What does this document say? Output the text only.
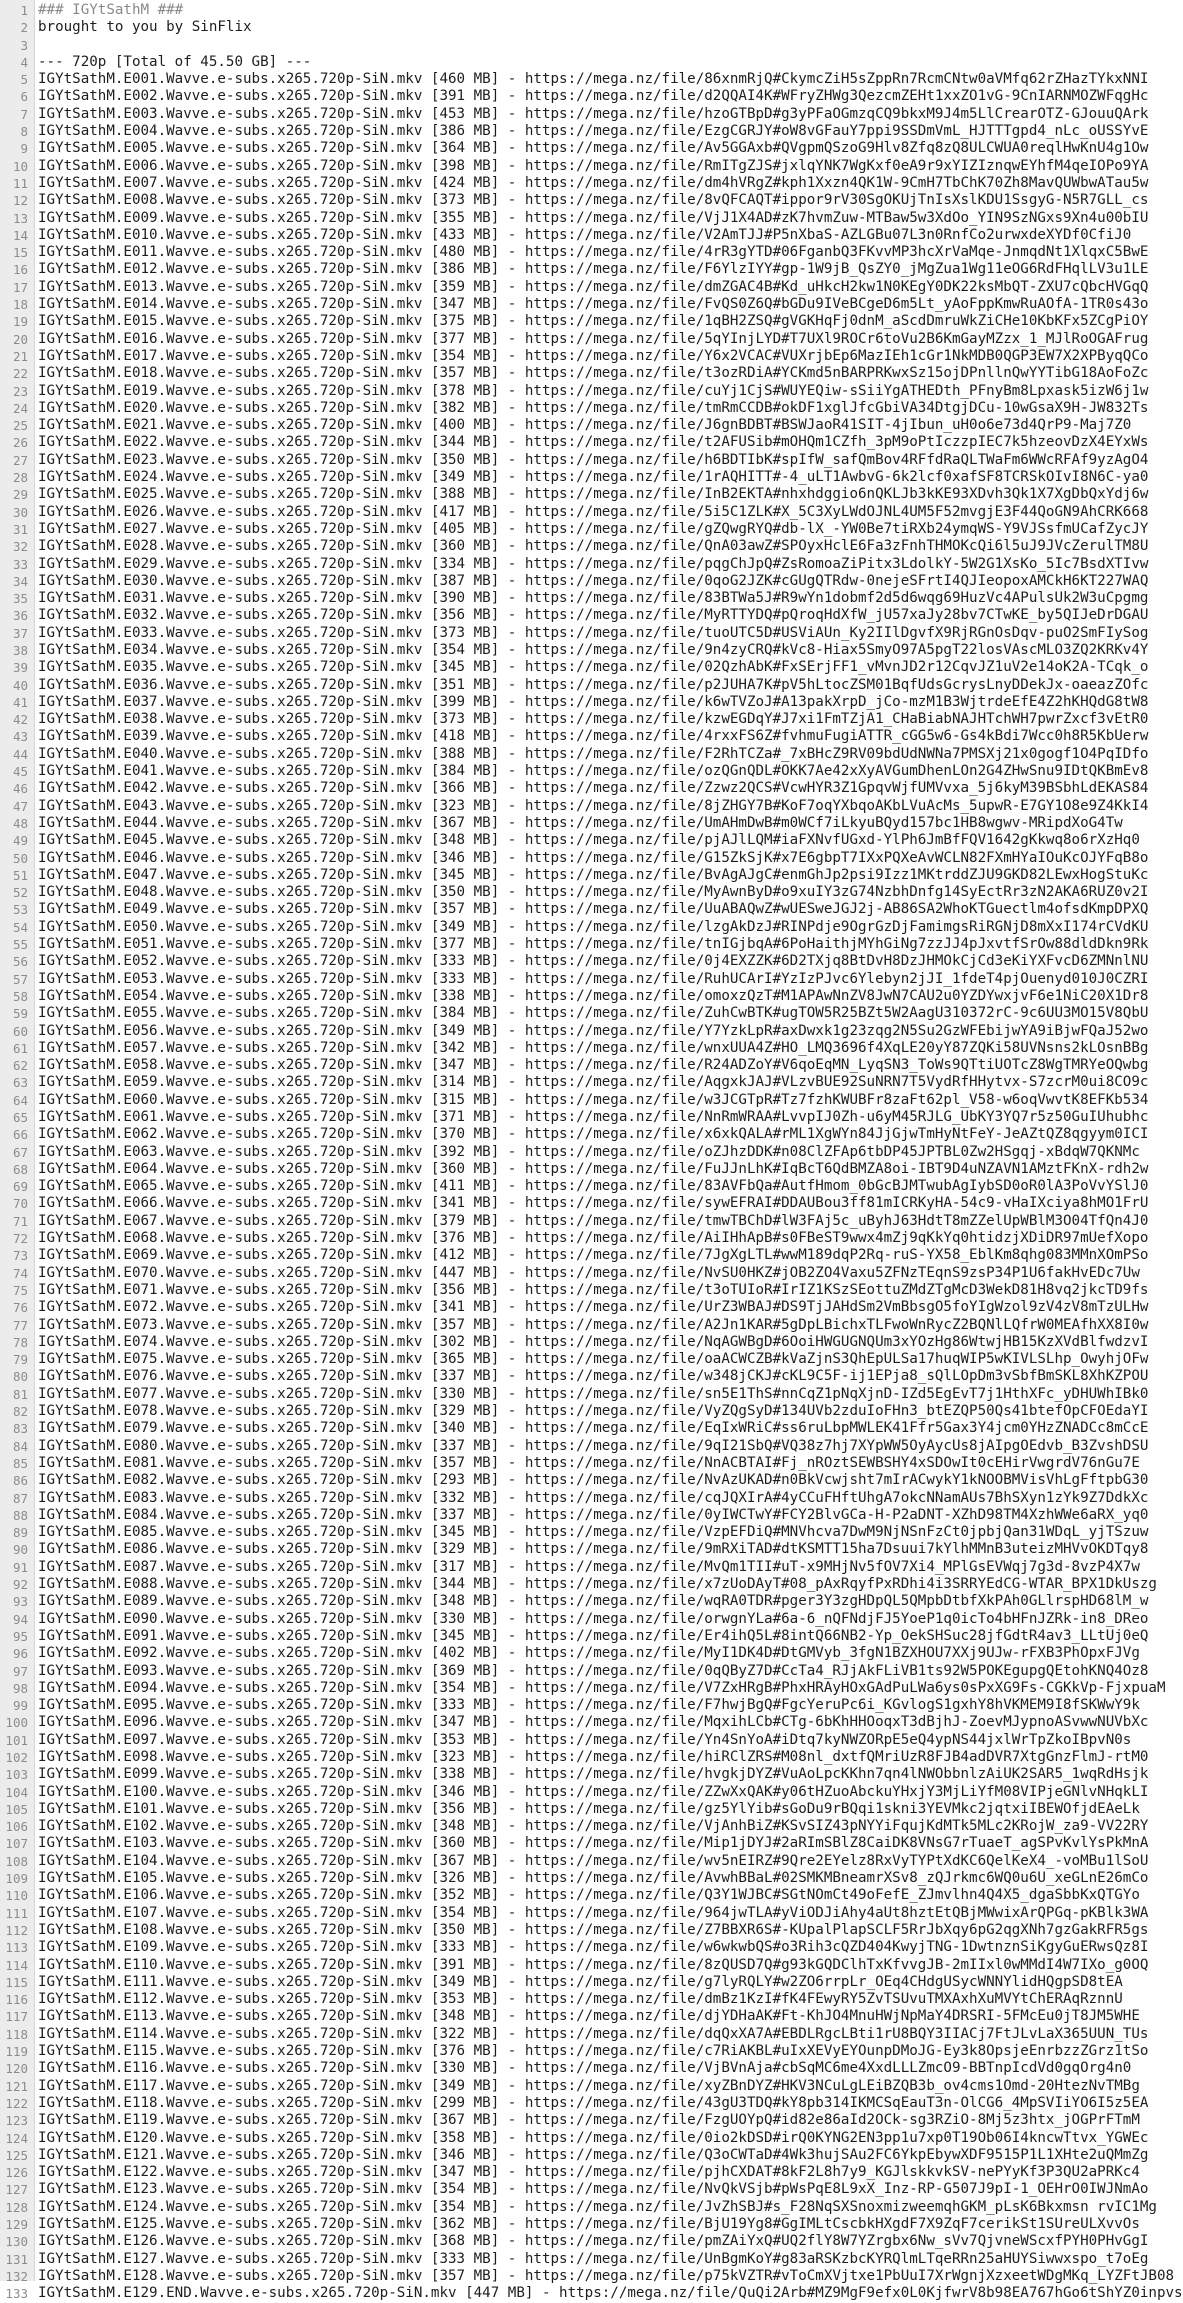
1 ### IGYtSathM ###
2 brought to you by SinFlix
3
4 --- 720p [Total of 45.50 GB] ---
5 IGYtSathM.E001.Wavve.e-subs.x265.720p-SiN.mkv [460 MB] - https://mega.nz/file/86xnmRjQ#CkymcZiH5sZppRn7RcmCNtw0aVMfq62rZHazTYkxNNI
6 IGYtSathM.E002.Wavve.e-subs.x265.720p-SiN.mkv [391 MB] - https://mega.nz/file/d2QQAI4K#WFryZHWg3QezcmZEHt1xxZO1vG-9CnIARNMOZWFqgHc
7 IGYtSathM.E003.Wavve.e-subs.x265.720p-SiN.mkv [453 MB] - https://mega.nz/file/hzoGTBpD#g3yPFaOGmzqCQ9bkxM9J4m5LlCrearOTZ-GJouuQArk
8 IGYtSathM.E004.Wavve.e-subs.x265.720p-SiN.mkv [386 MB] - https://mega.nz/file/EzgCGRJY#oW8vGFauY7ppi9SSDmVmL_HJTTTgpd4_nLc_oUSSYvE
9 IGYtSathM.E005.Wavve.e-subs.x265.720p-SiN.mkv [364 MB] - https://mega.nz/file/Av5GGAxb#QVgpmQSzoG9Hlv8Zfq8zQ8ULCWUA0reqlHwKnU4g1Ow
10 IGYtSathM.E006.Wavve.e-subs.x265.720p-SiN.mkv [398 MB] - https://mega.nz/file/RmITgZJS#jxlqYNK7WgKxf0eA9r9xYIZIznqwEYhfM4qeIOPo9YA
11 IGYtSathM.E007.Wavve.e-subs.x265.720p-SiN.mkv [424 MB] - https://mega.nz/file/dm4hVRgZ#kph1Xxzn4QK1W-9CmH7TbChK70Zh8MavQUWbwATau5w
12 IGYtSathM.E008.Wavve.e-subs.x265.720p-SiN.mkv [373 MB] - https://mega.nz/file/8vQFCAQT#ippor9rV30SgOKUjTnIsXslKDU1SsgyG-N5R7GLL_cs
13 IGYtSathM.E009.Wavve.e-subs.x265.720p-SiN.mkv [355 MB] - https://mega.nz/file/VjJ1X4AD#zK7hvmZuw-MTBaw5w3XdOo_YIN9SzNGxs9Xn4u00bIU
14 IGYtSathM.E010.Wavve.e-subs.x265.720p-SiN.mkv [433 MB] - https://mega.nz/file/V2AmTJJ#P5nXbaS-AZLGBu07L3n0RnfCo2urwxdeXYDf0CfiJ0
15 IGYtSathM.E011.Wavve.e-subs.x265.720p-SiN.mkv [480 MB] - https://mega.nz/file/4rR3gYTD#06FganbQ3FKvvMP3hcXrVaMqe-JnmqdNt1XlqxC5BwE
16 IGYtSathM.E012.Wavve.e-subs.x265.720p-SiN.mkv [386 MB] - https://mega.nz/file/F6YlzIYY#gp-1W9jB_QsZY0_jMgZua1Wg11eOG6RdFHqlLV3u1LE
17 IGYtSathM.E013.Wavve.e-subs.x265.720p-SiN.mkv [359 MB] - https://mega.nz/file/dmZGAC4B#Kd_uHkcH2kw1N0KEgY0DK22ksMbQT-ZXU7cQbcHVGqQ
18 IGYtSathM.E014.Wavve.e-subs.x265.720p-SiN.mkv [347 MB] - https://mega.nz/file/FvQS0Z6Q#bGDu9IVeBCgeD6m5Lt_yAoFppKmwRuAOfA-1TR0s43o
19 IGYtSathM.E015.Wavve.e-subs.x265.720p-SiN.mkv [375 MB] - https://mega.nz/file/1qBH2ZSQ#gVGKHqFj0dnM_aScdDmruWkZiCHe10KbKFx5ZCgPiOY
20 IGYtSathM.E016.Wavve.e-subs.x265.720p-SiN.mkv [377 MB] - https://mega.nz/file/5qYInjLYD#T7UXl9ROCr6toVu2B6KmGayMZzx_1_MJlRoOGAFrug
21 IGYtSathM.E017.Wavve.e-subs.x265.720p-SiN.mkv [354 MB] - https://mega.nz/file/Y6x2VCAC#VUXrjbEp6MazIEh1cGr1NkMDB0QGP3EW7X2XPByqQCo
22 IGYtSathM.E018.Wavve.e-subs.x265.720p-SiN.mkv [357 MB] - https://mega.nz/file/t3ozRDiA#YCKmd5nBARPRKwxSz15ojDPnllnQwYYTibG18AoFoZc
23 IGYtSathM.E019.Wavve.e-subs.x265.720p-SiN.mkv [378 MB] - https://mega.nz/file/cuYj1CjS#WUYEQiw-sSiiYgATHEDth_PFnyBm8Lpxask5izW6j1w
24 IGYtSathM.E020.Wavve.e-subs.x265.720p-SiN.mkv [382 MB] - https://mega.nz/file/tmRmCCDB#okDF1xglJfcGbiVA34DtgjDCu-10wGsaX9H-JW832Ts
25 IGYtSathM.E021.Wavve.e-subs.x265.720p-SiN.mkv [400 MB] - https://mega.nz/file/J6gnBDBT#BSWJaoR41SIT-4jIbun_uH0o6e73d4QrP9-Maj7Z0
26 IGYtSathM.E022.Wavve.e-subs.x265.720p-SiN.mkv [344 MB] - https://mega.nz/file/t2AFUSib#mOHQm1CZfh_3pM9oPtIczzpIEC7k5hzeovDzX4EYxWs
27 IGYtSathM.E023.Wavve.e-subs.x265.720p-SiN.mkv [350 MB] - https://mega.nz/file/h6BDTIbK#spIfW_safQmBov4RFfdRaQLTWaFm6WWcRFAf9yzAgO4
28 IGYtSathM.E024.Wavve.e-subs.x265.720p-SiN.mkv [349 MB] - https://mega.nz/file/1rAQHITT#-4_uLT1AwbvG-6k2lcf0xafSF8TCRSkOIvI8N6C-ya0
29 IGYtSathM.E025.Wavve.e-subs.x265.720p-SiN.mkv [388 MB] - https://mega.nz/file/InB2EKTA#nhxhdggio6nQKLJb3kKE93XDvh3Qk1X7XgDbQxYdj6w
30 IGYtSathM.E026.Wavve.e-subs.x265.720p-SiN.mkv [417 MB] - https://mega.nz/file/5i5C1ZLK#X_5C3XyLWdOJNL4UM5F52mvgjE3F44QoGN9AhCRK668
31 IGYtSathM.E027.Wavve.e-subs.x265.720p-SiN.mkv [405 MB] - https://mega.nz/file/gZQwgRYQ#db-lX_-YW0Be7tiRXb24ymqWS-Y9VJSsfmUCafZycJY
32 IGYtSathM.E028.Wavve.e-subs.x265.720p-SiN.mkv [360 MB] - https://mega.nz/file/QnA03awZ#SPOyxHclE6Fa3zFnhTHMOKcQi6l5uJ9JVcZerulTM8U
33 IGYtSathM.E029.Wavve.e-subs.x265.720p-SiN.mkv [334 MB] - https://mega.nz/file/pqgChJpQ#ZsRomoaZiPitx3LdolkY-5W2G1XsKo_5Ic7BsdXTIvw
34 IGYtSathM.E030.Wavve.e-subs.x265.720p-SiN.mkv [387 MB] - https://mega.nz/file/0qoG2JZK#cGUgQTRdw-0nejeSFrtI4QJIeopoxAMCkH6KT227WAQ
35 IGYtSathM.E031.Wavve.e-subs.x265.720p-SiN.mkv [390 MB] - https://mega.nz/file/83BTWa5J#R9wYn1dobmf2d5d6wqg69HuzVc4APulsUk2W3uCpgmg
36 IGYtSathM.E032.Wavve.e-subs.x265.720p-SiN.mkv [356 MB] - https://mega.nz/file/MyRTTYDQ#pQroqHdXfW_jU57xaJy28bv7CTwKE_by5QIJeDrDGAU
37 IGYtSathM.E033.Wavve.e-subs.x265.720p-SiN.mkv [373 MB] - https://mega.nz/file/tuoUTC5D#USViAUn_Ky2IIlDgvfX9RjRGnOsDqv-puO2SmFIySog
38 IGYtSathM.E034.Wavve.e-subs.x265.720p-SiN.mkv [354 MB] - https://mega.nz/file/9n4zyCRQ#kVc8-Hiax5SmyO97A5pgT22losVAscMLO3ZQ2KRKv4Y
39 IGYtSathM.E035.Wavve.e-subs.x265.720p-SiN.mkv [345 MB] - https://mega.nz/file/02QzhAbK#FxSErjFF1_vMvnJD2r12CqvJZ1uV2e14oK2A-TCqk_o
40 IGYtSathM.E036.Wavve.e-subs.x265.720p-SiN.mkv [351 MB] - https://mega.nz/file/p2JUHA7K#pV5hLtocZSM01BqfUdsGcrysLnyDDekJx-oaeazZOfc
41 IGYtSathM.E037.Wavve.e-subs.x265.720p-SiN.mkv [399 MB] - https://mega.nz/file/k6wTVZoJ#A13pakXrpD_jCo-mzM1B3WjtrdeEfE4Z2hKHQdG8tW8
42 IGYtSathM.E038.Wavve.e-subs.x265.720p-SiN.mkv [373 MB] - https://mega.nz/file/kzwEGDqY#J7xi1FmTZjA1_CHaBiabNAJHTchWH7pwrZxcf3vEtR0
43 IGYtSathM.E039.Wavve.e-subs.x265.720p-SiN.mkv [418 MB] - https://mega.nz/file/4rxxFS6Z#fvhmuFugiATTR_cGG5w6-Gs4kBdi7Wcc0h8R5KbUerw
44 IGYtSathM.E040.Wavve.e-subs.x265.720p-SiN.mkv [388 MB] - https://mega.nz/file/F2RhTCZa#_7xBHcZ9RV09bdUdNWNa7PMSXj21x0gogf1O4PqIDfo
45 IGYtSathM.E041.Wavve.e-subs.x265.720p-SiN.mkv [384 MB] - https://mega.nz/file/ozQGnQDL#OKK7Ae42xXyAVGumDhenLOn2G4ZHwSnu9IDtQKBmEv8
46 IGYtSathM.E042.Wavve.e-subs.x265.720p-SiN.mkv [366 MB] - https://mega.nz/file/Zzwz2QCS#VcwHYR3Z1GpqvWjfUMVvxa_5j6kyM39BSbhLdEKAS84
47 IGYtSathM.E043.Wavve.e-subs.x265.720p-SiN.mkv [323 MB] - https://mega.nz/file/8jZHGY7B#KoF7oqYXbqoAKbLVuAcMs_5upwR-E7GY1O8e9Z4KkI4
48 IGYtSathM.E044.Wavve.e-subs.x265.720p-SiN.mkv [367 MB] - https://mega.nz/file/UmAHmDwB#m0WCf7iLkyuBQyd157bc1HB8wgwv-MRipdXoG4Tw
49 IGYtSathM.E045.Wavve.e-subs.x265.720p-SiN.mkv [348 MB] - https://mega.nz/file/pjAJlLQM#iaFXNvfUGxd-YlPh6JmBfFQV1642gKkwq8o6rXzHq0
50 IGYtSathM.E046.Wavve.e-subs.x265.720p-SiN.mkv [346 MB] - https://mega.nz/file/G15ZkSjK#x7E6gbpT7IXxPQXeAvWCLN82FXmHYaIOuKcOJYFqB8o
51 IGYtSathM.E047.Wavve.e-subs.x265.720p-SiN.mkv [345 MB] - https://mega.nz/file/BvAgAJgC#enmGhJp2psi9Izz1MKtrddZJU9GKD82LEwxHogStuKc
52 IGYtSathM.E048.Wavve.e-subs.x265.720p-SiN.mkv [350 MB] - https://mega.nz/file/MyAwnByD#o9xuIY3zG74NzbhDnfg14SyEctRr3zN2AKA6RUZ0v2I
53 IGYtSathM.E049.Wavve.e-subs.x265.720p-SiN.mkv [357 MB] - https://mega.nz/file/UuABAQwZ#wUESweJGJ2j-AB86SA2WhoKTGuectlm4ofsdKmpDPXQ
54 IGYtSathM.E050.Wavve.e-subs.x265.720p-SiN.mkv [349 MB] - https://mega.nz/file/lzgAkDzJ#RINPdje9OgrGzDjFamimgsRiRGNjD8mXxI174rCVdKU
55 IGYtSathM.E051.Wavve.e-subs.x265.720p-SiN.mkv [377 MB] - https://mega.nz/file/tnIGjbqA#6PoHaithjMYhGiNg7zzJJ4pJxvtfSrOw88dldDkn9Rk
56 IGYtSathM.E052.Wavve.e-subs.x265.720p-SiN.mkv [333 MB] - https://mega.nz/file/0j4EXZZK#6D2TXjq8BtDvH8DzJHMOkCjCd3eKiYXFvcD6ZMNnlNU
57 IGYtSathM.E053.Wavve.e-subs.x265.720p-SiN.mkv [333 MB] - https://mega.nz/file/RuhUCArI#YzIzPJvc6Ylebyn2jJI_1fdeT4pjOuenyd010J0CZRI
58 IGYtSathM.E054.Wavve.e-subs.x265.720p-SiN.mkv [338 MB] - https://mega.nz/file/omoxzQzT#M1APAwNnZV8JwN7CAU2u0YZDYwxjvF6e1NiC20X1Dr8
59 IGYtSathM.E055.Wavve.e-subs.x265.720p-SiN.mkv [384 MB] - https://mega.nz/file/ZuhCwBTK#ugTOW5R25BZt5W2AagU310372rC-9c6UU3MO15V8QbU
60 IGYtSathM.E056.Wavve.e-subs.x265.720p-SiN.mkv [349 MB] - https://mega.nz/file/Y7YzkLpR#axDwxk1g23zqg2N5Su2GzWFEbijwYA9iBjwFQaJ52wo
61 IGYtSathM.E057.Wavve.e-subs.x265.720p-SiN.mkv [342 MB] - https://mega.nz/file/wnxUUA4Z#HO_LMQ3696f4XqLE20yY87ZQKi58UVNsns2kLOsnBBg
62 IGYtSathM.E058.Wavve.e-subs.x265.720p-SiN.mkv [347 MB] - https://mega.nz/file/R24ADZoY#V6qoEqMN_LyqSN3_ToWs9QTtiUOTcZ8WgTMRYeOQwbg
63 IGYtSathM.E059.Wavve.e-subs.x265.720p-SiN.mkv [314 MB] - https://mega.nz/file/AqgxkJAJ#VLzvBUE92SuNRN7T5VydRfHHytvx-S7zcrM0ui8CO9c
64 IGYtSathM.E060.Wavve.e-subs.x265.720p-SiN.mkv [315 MB] - https://mega.nz/file/w3JCGTpR#Tz7fzhKWUBFr8zaFt62pl_V58-w6oqVwvtK8EFKb534
65 IGYtSathM.E061.Wavve.e-subs.x265.720p-SiN.mkv [371 MB] - https://mega.nz/file/NnRmWRAA#LvvpIJ0Zh-u6yM45RJLG_UbKY3YQ7r5z50GuIUhubhc
66 IGYtSathM.E062.Wavve.e-subs.x265.720p-SiN.mkv [370 MB] - https://mega.nz/file/x6xkQALA#rML1XgWYn84JjGjwTmHyNtFeY-JeAZtQZ8qgyym0ICI
67 IGYtSathM.E063.Wavve.e-subs.x265.720p-SiN.mkv [392 MB] - https://mega.nz/file/oZJhzDDK#n08ClZFAp6tbDP45JPTBL0Zw2HSgqj-xBdqW7QKNMc
68 IGYtSathM.E064.Wavve.e-subs.x265.720p-SiN.mkv [360 MB] - https://mega.nz/file/FuJJnLhK#IqBcT6QdBMZA8oi-IBT9D4uNZAVN1AMztFKnX-rdh2w
69 IGYtSathM.E065.Wavve.e-subs.x265.720p-SiN.mkv [411 MB] - https://mega.nz/file/83AVFbQa#AutfHmom_0bGcBJMTwubAgIybSD0oR0lA3PoVvYSlJ0
70 IGYtSathM.E066.Wavve.e-subs.x265.720p-SiN.mkv [341 MB] - https://mega.nz/file/sywEFRAI#DDAUBou3ff81mICRKyHA-54c9-vHaIXciya8hMO1FrU
71 IGYtSathM.E067.Wavve.e-subs.x265.720p-SiN.mkv [379 MB] - https://mega.nz/file/tmwTBChD#lW3FAj5c_uByhJ63HdtT8mZZelUpWBlM3O04TfQn4J0
72 IGYtSathM.E068.Wavve.e-subs.x265.720p-SiN.mkv [376 MB] - https://mega.nz/file/AiIHhApB#s0FBeST9wwx4mZj9qKkYq0htidzjXDiDR97mUefXopo
73 IGYtSathM.E069.Wavve.e-subs.x265.720p-SiN.mkv [412 MB] - https://mega.nz/file/7JgXgLTL#wwM189dqP2Rq-ruS-YX58_EblKm8qhg083MMnXOmPSo
74 IGYtSathM.E070.Wavve.e-subs.x265.720p-SiN.mkv [447 MB] - https://mega.nz/file/NvSU0HKZ#jOB2ZO4Vaxu5ZFNzTEqnS9zsP34P1U6fakHvEDc7Uw
75 IGYtSathM.E071.Wavve.e-subs.x265.720p-SiN.mkv [356 MB] - https://mega.nz/file/t3oTUIoR#IrIZ1KSzSEottuZMdZTgMcD3WekD81H8vq2jkcTD9fs
76 IGYtSathM.E072.Wavve.e-subs.x265.720p-SiN.mkv [341 MB] - https://mega.nz/file/UrZ3WBAJ#DS9TjJAHdSm2VmBbsgO5foYIgWzol9zV4zV8mTzULHw
77 IGYtSathM.E073.Wavve.e-subs.x265.720p-SiN.mkv [357 MB] - https://mega.nz/file/A2Jn1KAR#5gDpLBichxTLFwoWnRycZ2BQNlLQfrW0MEAfhXX8I0w
78 IGYtSathM.E074.Wavve.e-subs.x265.720p-SiN.mkv [302 MB] - https://mega.nz/file/NqAGWBgD#6OoiHWGUGNQUm3xYOzHg86WtwjHB15KzXVdBlfwdzvI
79 IGYtSathM.E075.Wavve.e-subs.x265.720p-SiN.mkv [365 MB] - https://mega.nz/file/oaACWCZB#kVaZjnS3QhEpULSa17huqWIP5wKIVLSLhp_OwyhjOFw
80 IGYtSathM.E076.Wavve.e-subs.x265.720p-SiN.mkv [337 MB] - https://mega.nz/file/w348jCKJ#cKL9C5F-ij1EPja8_sQlLOpDm3vSbfBmSKL8XhKZPOU
81 IGYtSathM.E077.Wavve.e-subs.x265.720p-SiN.mkv [330 MB] - https://mega.nz/file/sn5E1ThS#nnCqZ1pNqXjnD-IZd5EgEvT7j1HthXFc_yDHUWhIBk0
82 IGYtSathM.E078.Wavve.e-subs.x265.720p-SiN.mkv [329 MB] - https://mega.nz/file/VyZQgSyD#134UVb2zduIoFHn3_btEZQP50Qs41btefOpCFOEdaYI
83 IGYtSathM.E079.Wavve.e-subs.x265.720p-SiN.mkv [340 MB] - https://mega.nz/file/EqIxWRiC#ss6ruLbpMWLEK41Ffr5Gax3Y4jcm0YHzZNADCc8mCcE
84 IGYtSathM.E080.Wavve.e-subs.x265.720p-SiN.mkv [337 MB] - https://mega.nz/file/9qI21SbQ#VQ38z7hj7XYpWW5OyAycUs8jAIpgOEdvb_B3ZvshDSU
85 IGYtSathM.E081.Wavve.e-subs.x265.720p-SiN.mkv [357 MB] - https://mega.nz/file/NnACBTAI#Fj_nROztSEWBSHY4xSDOwIt0cEHirVwgrdV76nGu7E
86 IGYtSathM.E082.Wavve.e-subs.x265.720p-SiN.mkv [293 MB] - https://mega.nz/file/NvAzUKAD#n0BkVcwjsht7mIrACwykY1kNOOBMVisVhLgFftpbG30
87 IGYtSathM.E083.Wavve.e-subs.x265.720p-SiN.mkv [332 MB] - https://mega.nz/file/cqJQXIrA#4yCCuFHftUhgA7okcNNamAUs7BhSXyn1zYk9Z7DdkXc
88 IGYtSathM.E084.Wavve.e-subs.x265.720p-SiN.mkv [337 MB] - https://mega.nz/file/0yIWCTwY#FCY2BlvGCa-H-P2aDNT-XZhD98TM4XzhWWe6aRX_yq0
89 IGYtSathM.E085.Wavve.e-subs.x265.720p-SiN.mkv [345 MB] - https://mega.nz/file/VzpEFDiQ#MNVhcva7DwM9NjNSnFzCt0jpbjQan31WDqL_yjTSzuw
90 IGYtSathM.E086.Wavve.e-subs.x265.720p-SiN.mkv [329 MB] - https://mega.nz/file/9mRXiTAD#dtKSMTT15ha7Dsuui7kYlhMMnB3uteizMHVvOKDTqy8
91 IGYtSathM.E087.Wavve.e-subs.x265.720p-SiN.mkv [317 MB] - https://mega.nz/file/MvQm1TII#uT-x9MHjNv5fOV7Xi4_MPlGsEVWqj7g3d-8vzP4X7w
92 IGYtSathM.E088.Wavve.e-subs.x265.720p-SiN.mkv [344 MB] - https://mega.nz/file/x7zUoDAyT#08_pAxRqyfPxRDhi4i3SRRYEdCG-WTAR_BPX1DkUszg
93 IGYtSathM.E089.Wavve.e-subs.x265.720p-SiN.mkv [348 MB] - https://mega.nz/file/wqRA0TDR#pger3Y3zgHDpQL5QMpbDtbfXkPAh0GLlrspHD68lM_w
94 IGYtSathM.E090.Wavve.e-subs.x265.720p-SiN.mkv [330 MB] - https://mega.nz/file/orwgnYLa#6a-6_nQFNdjFJ5YoeP1q0icTo4bHFnJZRk-in8_DReo
95 IGYtSathM.E091.Wavve.e-subs.x265.720p-SiN.mkv [345 MB] - https://mega.nz/file/Er4ihQ5L#8intQ66NB2-Yp_OekSHSuc28jfGdtR4av3_LLtUj0eQ
96 IGYtSathM.E092.Wavve.e-subs.x265.720p-SiN.mkv [402 MB] - https://mega.nz/file/MyI1DK4D#DtGMVyb_3fgN1BZXHOU7XXj9UJw-rFXB3PhOpxFJVg
97 IGYtSathM.E093.Wavve.e-subs.x265.720p-SiN.mkv [369 MB] - https://mega.nz/file/0qQByZ7D#CcTa4_RJjAkFLiVB1ts92W5POKEgupgQEtohKNQ4Oz8
98 IGYtSathM.E094.Wavve.e-subs.x265.720p-SiN.mkv [354 MB] - https://mega.nz/file/V7ZxHRgB#PhxHRAyHOxGAdPuLWa6ys0sPxXG9Fs-CGKkVp-FjxpuaM
99 IGYtSathM.E095.Wavve.e-subs.x265.720p-SiN.mkv [333 MB] - https://mega.nz/file/F7hwjBgQ#FgcYeruPc6i_KGvlogS1gxhY8hVKMEM9I8fSKWwY9k
100 IGYtSathM.E096.Wavve.e-subs.x265.720p-SiN.mkv [347 MB] - https://mega.nz/file/MqxihLCb#CTg-6bKhHHOoqxT3dBjhJ-ZoevMJypnoASvwwNUVbXc
101 IGYtSathM.E097.Wavve.e-subs.x265.720p-SiN.mkv [353 MB] - https://mega.nz/file/Yn4SnYoA#iDtq7kyNWZORpE5eQ4ypNS44jxlWrTpZkoIBpvN0s
102 IGYtSathM.E098.Wavve.e-subs.x265.720p-SiN.mkv [323 MB] - https://mega.nz/file/hiRClZRS#M08nl_dxtfQMriUzR8FJB4adDVR7XtgGnzFlmJ-rtM0
103 IGYtSathM.E099.Wavve.e-subs.x265.720p-SiN.mkv [338 MB] - https://mega.nz/file/hvgkjDYZ#VuAoLpcKKhn7qn4lNWObbnlzAiUK2SAR5_1wqRdHsjk
104 IGYtSathM.E100.Wavve.e-subs.x265.720p-SiN.mkv [346 MB] - https://mega.nz/file/ZZwXxQAK#y06tHZuoAbckuYHxjY3MjLiYfM08VIPjeGNlvNHqkLI
105 IGYtSathM.E101.Wavve.e-subs.x265.720p-SiN.mkv [356 MB] - https://mega.nz/file/gz5YlYib#sGoDu9rBQqi1skni3YEVMkc2jqtxiIBEWOfjdEAeLk
106 IGYtSathM.E102.Wavve.e-subs.x265.720p-SiN.mkv [348 MB] - https://mega.nz/file/VjAnhBiZ#KSvSIZ43pNYYiFqujKdMTk5MLc2KRojW_za9-VV22RY
107 IGYtSathM.E103.Wavve.e-subs.x265.720p-SiN.mkv [360 MB] - https://mega.nz/file/Mip1jDYJ#2aRImSBlZ8CaiDK8VNsG7rTuaeT_agSPvKvlYsPkMnA
108 IGYtSathM.E104.Wavve.e-subs.x265.720p-SiN.mkv [367 MB] - https://mega.nz/file/wv5nEIRZ#9Qre2EYelz8RxVyTYPtXdKC6QelKeX4_-voMBu1lSoU
109 IGYtSathM.E105.Wavve.e-subs.x265.720p-SiN.mkv [326 MB] - https://mega.nz/file/AvwhBBaL#02SMKMBneamrXSv8_zQJrkmc6WQ0u6U_xeGLnE26mCo
110 IGYtSathM.E106.Wavve.e-subs.x265.720p-SiN.mkv [352 MB] - https://mega.nz/file/Q3Y1WJBC#SGtNOmCt49oFefE_ZJmvlhn4Q4X5_dgaSbbKxQTGYo
111 IGYtSathM.E107.Wavve.e-subs.x265.720p-SiN.mkv [354 MB] - https://mega.nz/file/964jwTLA#yViODJiAhy4aUt8hztEtQBjMWwixArQPGq-pKBlk3WA
112 IGYtSathM.E108.Wavve.e-subs.x265.720p-SiN.mkv [350 MB] - https://mega.nz/file/Z7BBXR6S#-KUpalPlapSCLF5RrJbXqy6pG2qgXNh7gzGakRFR5gs
113 IGYtSathM.E109.Wavve.e-subs.x265.720p-SiN.mkv [333 MB] - https://mega.nz/file/w6wkwbQS#o3Rih3cQZD404KwyjTNG-1DwtnznSiKgyGuERwsQz8I
114 IGYtSathM.E110.Wavve.e-subs.x265.720p-SiN.mkv [391 MB] - https://mega.nz/file/8zQUSD7Q#g93kGQDClhTxKfvvgJB-2mIIxl0wMMdI4W7IXo_g0OQ
115 IGYtSathM.E111.Wavve.e-subs.x265.720p-SiN.mkv [349 MB] - https://mega.nz/file/g7lyRQLY#w2ZO6rrpLr_OEq4CHdgUSycWNNYlidHQgpSD8tEA
116 IGYtSathM.E112.Wavve.e-subs.x265.720p-SiN.mkv [353 MB] - https://mega.nz/file/dmBz1KzI#fK4FEwyRY5ZvTSUvuTMXAxhXuMVYtChERAqRznnU
117 IGYtSathM.E113.Wavve.e-subs.x265.720p-SiN.mkv [348 MB] - https://mega.nz/file/djYDHaAK#Ft-KhJO4MnuHWjNpMaY4DRSRI-5FMcEu0jT8JM5WHE
118 IGYtSathM.E114.Wavve.e-subs.x265.720p-SiN.mkv [322 MB] - https://mega.nz/file/dqQxXA7A#EBDLRgcLBti1rU8BQY3IIACj7FtJLvLaX365UUN_TUs
119 IGYtSathM.E115.Wavve.e-subs.x265.720p-SiN.mkv [376 MB] - https://mega.nz/file/c7RiAKBL#uIxXEVyEYOunpDMoJG-Ey3k8OpsjeEnrbzzZGrz1tSo
120 IGYtSathM.E116.Wavve.e-subs.x265.720p-SiN.mkv [330 MB] - https://mega.nz/file/VjBVnAja#cbSqMC6me4XxdLLLZmcO9-BBTnpIcdVd0gqOrg4n0
121 IGYtSathM.E117.Wavve.e-subs.x265.720p-SiN.mkv [349 MB] - https://mega.nz/file/xyZBnDYZ#HKV3NCuLgLEiBZQB3b_ov4cms1Omd-20HtezNvTMBg
122 IGYtSathM.E118.Wavve.e-subs.x265.720p-SiN.mkv [299 MB] - https://mega.nz/file/43gU3TDQ#kY8pb314IKMCSqEauT3n-OlCG6_4MpSVIiYO6I5z5EA
123 IGYtSathM.E119.Wavve.e-subs.x265.720p-SiN.mkv [367 MB] - https://mega.nz/file/FzgUOYpQ#id82e86aId2OCk-sg3RZiO-8Mj5z3htx_jOGPrFTmM
124 IGYtSathM.E120.Wavve.e-subs.x265.720p-SiN.mkv [358 MB] - https://mega.nz/file/0io2kDSD#irQ0KYNG2EN3pp1u7xp0T19Ob06I4kncwTtvx_YGWEc
125 IGYtSathM.E121.Wavve.e-subs.x265.720p-SiN.mkv [346 MB] - https://mega.nz/file/Q3oCWTaD#4Wk3hujSAu2FC6YkpEbywXDF9515P1L1XHte2uQMmZg
126 IGYtSathM.E122.Wavve.e-subs.x265.720p-SiN.mkv [347 MB] - https://mega.nz/file/pjhCXDAT#8kF2L8h7y9_KGJlskkvkSV-nePYyKf3P3QU2aPRKc4
127 IGYtSathM.E123.Wavve.e-subs.x265.720p-SiN.mkv [354 MB] - https://mega.nz/file/NvQkVSjb#pWsPqE8L9xX_Inz-RP-G507J9pI-1_OEHrO0IWJNmAo
128 IGYtSathM.E124.Wavve.e-subs.x265.720p-SiN.mkv [354 MB] - https://mega.nz/file/JvZhSBJ#s_F28NqSXSnoxmizweemqhGKM_pLsK6Bkxmsn rvIC1Mg
129 IGYtSathM.E125.Wavve.e-subs.x265.720p-SiN.mkv [362 MB] - https://mega.nz/file/BjU19Yg8#GgIMLtCscbkHXgdF7X9ZqF7cerikSt1SUreULXvvOs
130 IGYtSathM.E126.Wavve.e-subs.x265.720p-SiN.mkv [368 MB] - https://mega.nz/file/pmZAiYxQ#UQ2flY8W7YZrgbx6Nw_sVv7QjvneWScxfPYH0PHvGgI
131 IGYtSathM.E127.Wavve.e-subs.x265.720p-SiN.mkv [333 MB] - https://mega.nz/file/UnBgmKoY#g83aRSKzbcKYRQlmLTqeRRn25aHUYSiwwxspo_t7oEg
132 IGYtSathM.E128.Wavve.e-subs.x265.720p-SiN.mkv [357 MB] - https://mega.nz/file/p75kVZTR#vToCmXVjtxe1PbUuI7XrWgnjXzxeetWDgMKq_LYZFtJB08
133 IGYtSathM.E129.END.Wavve.e-subs.x265.720p-SiN.mkv [447 MB] - https://mega.nz/file/QuQi2Arb#MZ9MgF9efx0L0KjfwrV8b98EA767hGo6tShYZ0inpvs
